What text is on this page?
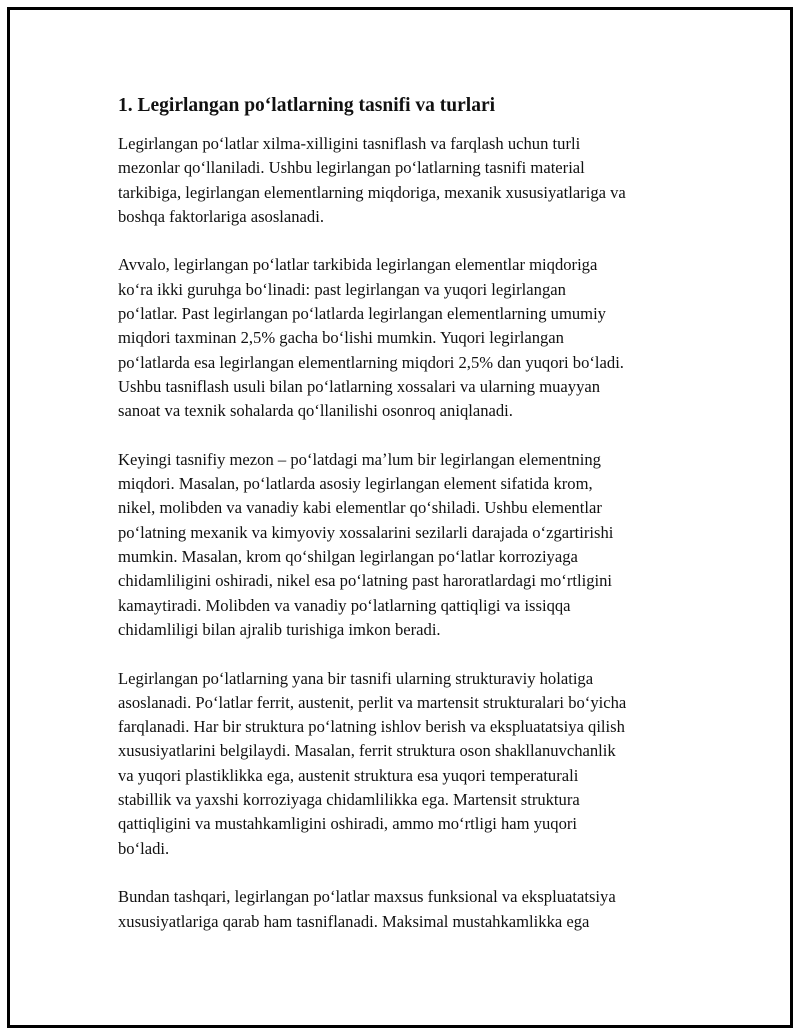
1. Legirlangan poʻlatlarning tasnifi va turlari

Legirlangan poʻlatlar xilma-xilligini tasniflash va farqlash uchun turli
mezonlar qoʻllaniladi. Ushbu legirlangan poʻlatlarning tasnifi material
tarkibiga, legirlangan elementlarning miqdoriga, mexanik xususiyatlariga va
boshqa faktorlariga asoslanadi.

Avvalo, legirlangan poʻlatlar tarkibida legirlangan elementlar miqdoriga
koʻra ikki guruhga boʻlinadi: past legirlangan va yuqori legirlangan
poʻlatlar. Past legirlangan poʻlatlarda legirlangan elementlarning umumiy
miqdori taxminan 2,5% gacha boʻlishi mumkin. Yuqori legirlangan
poʻlatlarda esa legirlangan elementlarning miqdori 2,5% dan yuqori boʻladi.
Ushbu tasniflash usuli bilan poʻlatlarning xossalari va ularning muayyan
sanoat va texnik sohalarda qoʻllanilishi osonroq aniqlanadi.

Keyingi tasnifiy mezon – poʻlatdagi maʼlum bir legirlangan elementning
miqdori. Masalan, poʻlatlarda asosiy legirlangan element sifatida krom,
nikel, molibden va vanadiy kabi elementlar qoʻshiladi. Ushbu elementlar
poʻlatning mexanik va kimyoviy xossalarini sezilarli darajada oʻzgartirishi
mumkin. Masalan, krom qoʻshilgan legirlangan poʻlatlar korroziyaga
chidamliligini oshiradi, nikel esa poʻlatning past haroratlardagi moʻrtligini
kamaytiradi. Molibden va vanadiy poʻlatlarning qattiqligi va issiqqa
chidamliligi bilan ajralib turishiga imkon beradi.

Legirlangan poʻlatlarning yana bir tasnifi ularning strukturaviy holatiga
asoslanadi. Poʻlatlar ferrit, austenit, perlit va martensit strukturalari boʻyicha
farqlanadi. Har bir struktura poʻlatning ishlov berish va ekspluatatsiya qilish
xususiyatlarini belgilaydi. Masalan, ferrit struktura oson shakllanuvchanlik
va yuqori plastiklikka ega, austenit struktura esa yuqori temperaturali
stabillik va yaxshi korroziyaga chidamlilikka ega. Martensit struktura
qattiqligini va mustahkamligini oshiradi, ammo moʻrtligi ham yuqori
boʻladi.

Bundan tashqari, legirlangan poʻlatlar maxsus funksional va ekspluatatsiya
xususiyatlariga qarab ham tasniflanadi. Maksimal mustahkamlikka ega
